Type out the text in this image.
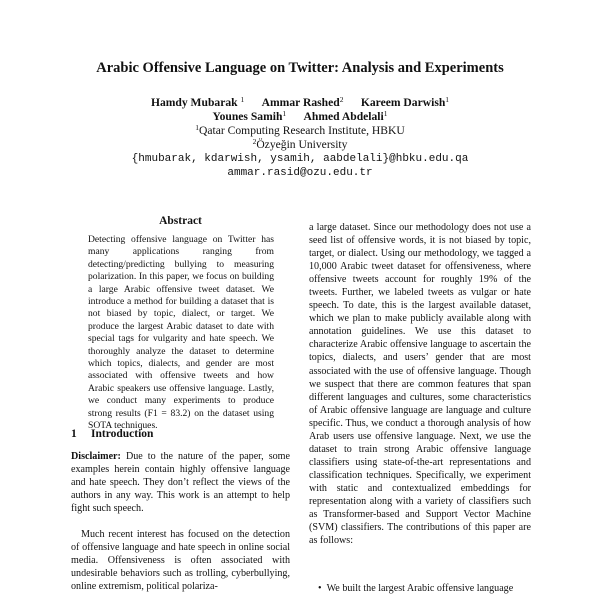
Arabic Offensive Language on Twitter: Analysis and Experiments
Hamdy Mubarak $^1$ Ammar Rashed$^2$ Kareem Darwish$^1$
Younes Samih$^1$ Ahmed Abdelali$^1$
$^1$Qatar Computing Research Institute, HBKU
$^2$Özyeğin University
{hmubarak, kdarwish, ysamih, aabdelali}@hbku.edu.qa
ammar.rasid@ozu.edu.tr
Abstract
Detecting offensive language on Twitter has many applications ranging from detecting/predicting bullying to measuring polarization. In this paper, we focus on building a large Arabic offensive tweet dataset. We introduce a method for building a dataset that is not biased by topic, dialect, or target. We produce the largest Arabic dataset to date with special tags for vulgarity and hate speech. We thoroughly analyze the dataset to determine which topics, dialects, and gender are most associated with offensive tweets and how Arabic speakers use offensive language. Lastly, we conduct many experiments to produce strong results (F1 = 83.2) on the dataset using SOTA techniques.
1 Introduction

Disclaimer: Due to the nature of the paper, some examples herein contain highly offensive language and hate speech. They don’t reflect the views of the authors in any way. This work is an attempt to help fight such speech.

Much recent interest has focused on the detection of offensive language and hate speech in online social media. Offensiveness is often associated with undesirable behaviors such as trolling, cyberbullying, online extremism, political polariza-

a large dataset. Since our methodology does not use a seed list of offensive words, it is not biased by topic, target, or dialect. Using our methodology, we tagged a 10,000 Arabic tweet dataset for offensiveness, where offensive tweets account for roughly 19% of the tweets. Further, we labeled tweets as vulgar or hate speech. To date, this is the largest available dataset, which we plan to make publicly available along with annotation guidelines. We use this dataset to characterize Arabic offensive language to ascertain the topics, dialects, and users’ gender that are most associated with the use of offensive language. Though we suspect that there are common features that span different languages and cultures, some characteristics of Arabic offensive language are language and culture specific. Thus, we conduct a thorough analysis of how Arab users use offensive language. Next, we use the dataset to train strong Arabic offensive language classifiers using state-of-the-art representations and classification techniques. Specifically, we experiment with static and contextualized embeddings for representation along with a variety of classifiers such as Transformer-based and Support Vector Machine (SVM) classifiers. The contributions of this paper are as follows:

•  We built the largest Arabic offensive language
